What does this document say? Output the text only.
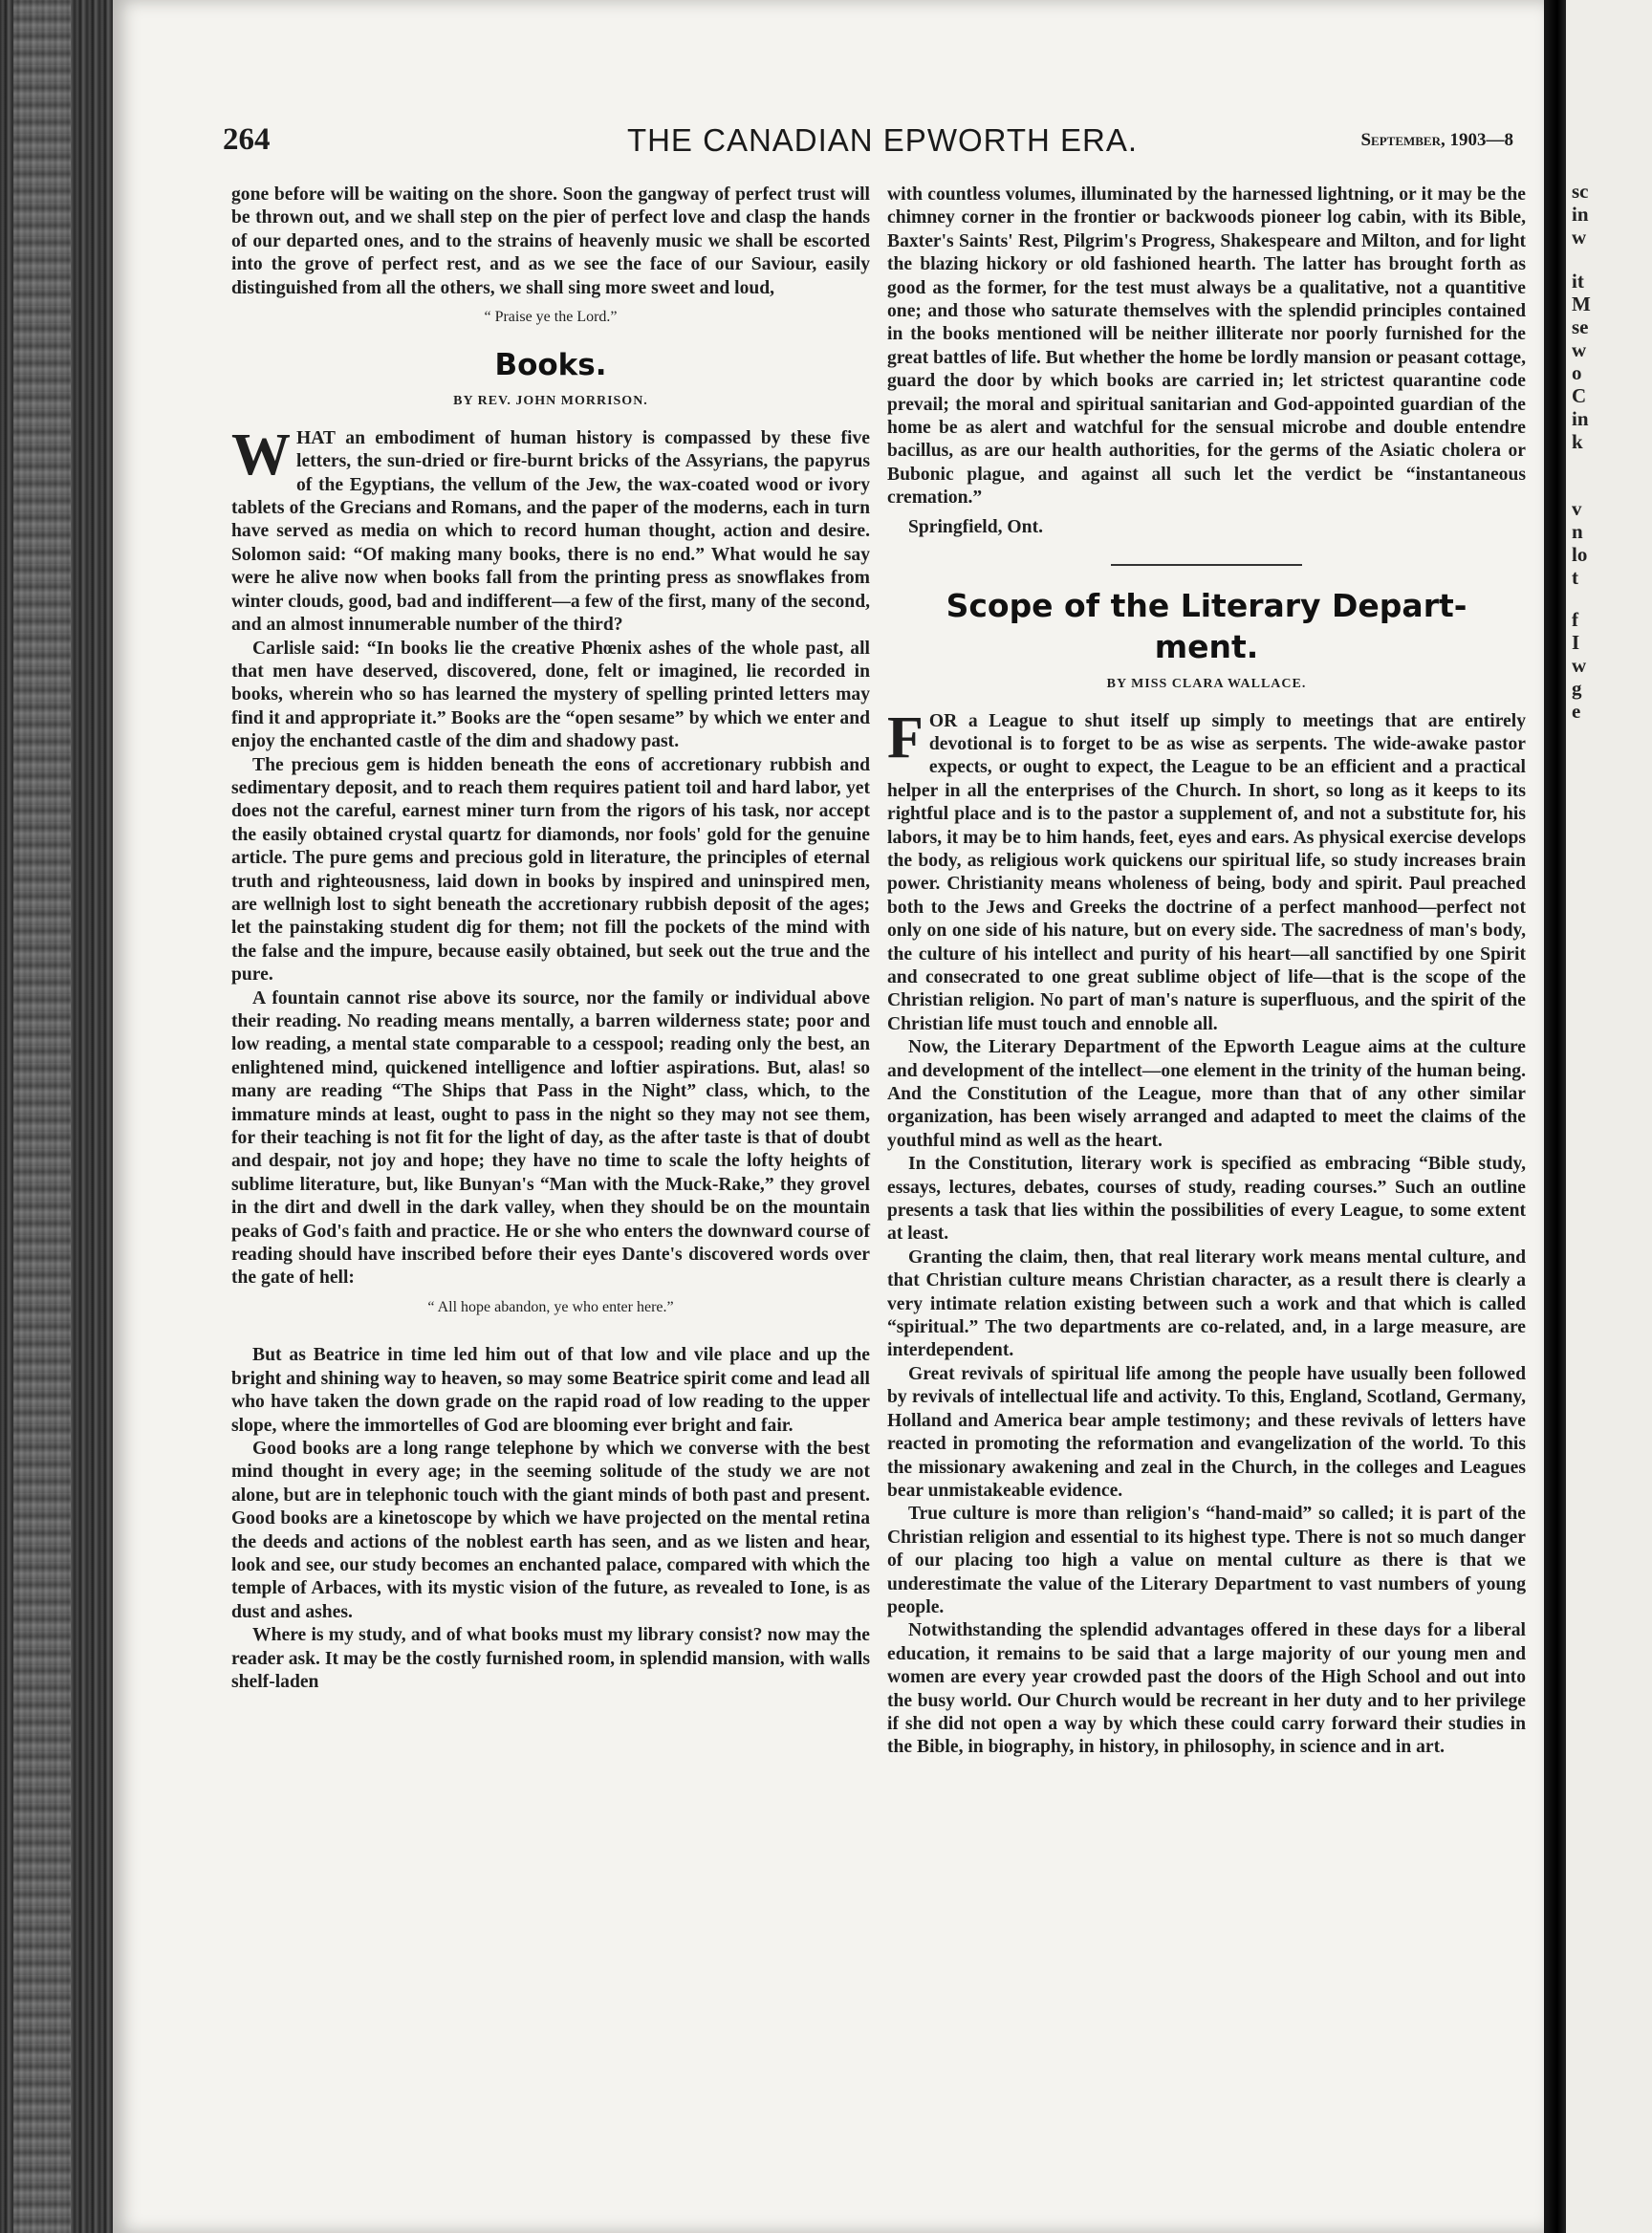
264	THE CANADIAN EPWORTH ERA.	September, 1903—8

gone before will be waiting on the shore. Soon the gangway of perfect trust will be thrown out, and we shall step on the pier of perfect love and clasp the hands of our departed ones, and to the strains of heavenly music we shall be escorted into the grove of perfect rest, and as we see the face of our Saviour, easily distinguished from all the others, we shall sing more sweet and loud,

“ Praise ye the Lord.”
Books.
BY REV. JOHN MORRISON.

WHAT an embodiment of human history is compassed by these five letters, the sun-dried or fire-burnt bricks of the Assyrians, the papyrus of the Egyptians, the vellum of the Jew, the wax-coated wood or ivory tablets of the Grecians and Romans, and the paper of the moderns, each in turn have served as media on which to record human thought, action and desire. Solomon said: “Of making many books, there is no end.” What would he say were he alive now when books fall from the printing press as snowflakes from winter clouds, good, bad and indifferent—a few of the first, many of the second, and an almost innumerable number of the third?

Carlisle said: “In books lie the creative Phœnix ashes of the whole past, all that men have deserved, discovered, done, felt or imagined, lie recorded in books, wherein who so has learned the mystery of spelling printed letters may find it and appropriate it.” Books are the “open sesame” by which we enter and enjoy the enchanted castle of the dim and shadowy past.

The precious gem is hidden beneath the eons of accretionary rubbish and sedimentary deposit, and to reach them requires patient toil and hard labor, yet does not the careful, earnest miner turn from the rigors of his task, nor accept the easily obtained crystal quartz for diamonds, nor fools' gold for the genuine article. The pure gems and precious gold in literature, the principles of eternal truth and righteousness, laid down in books by inspired and uninspired men, are wellnigh lost to sight beneath the accretionary rubbish deposit of the ages; let the painstaking student dig for them; not fill the pockets of the mind with the false and the impure, because easily obtained, but seek out the true and the pure.

A fountain cannot rise above its source, nor the family or individual above their reading. No reading means mentally, a barren wilderness state; poor and low reading, a mental state comparable to a cesspool; reading only the best, an enlightened mind, quickened intelligence and loftier aspirations. But, alas! so many are reading “The Ships that Pass in the Night” class, which, to the immature minds at least, ought to pass in the night so they may not see them, for their teaching is not fit for the light of day, as the after taste is that of doubt and despair, not joy and hope; they have no time to scale the lofty heights of sublime literature, but, like Bunyan's “Man with the Muck-Rake,” they grovel in the dirt and dwell in the dark valley, when they should be on the mountain peaks of God's faith and practice. He or she who enters the downward course of reading should have inscribed before their eyes Dante's discovered words over the gate of hell:

“ All hope abandon, ye who enter here.”

But as Beatrice in time led him out of that low and vile place and up the bright and shining way to heaven, so may some Beatrice spirit come and lead all who have taken the down grade on the rapid road of low reading to the upper slope, where the immortelles of God are blooming ever bright and fair.

Good books are a long range telephone by which we converse with the best mind thought in every age; in the seeming solitude of the study we are not alone, but are in telephonic touch with the giant minds of both past and present. Good books are a kinetoscope by which we have projected on the mental retina the deeds and actions of the noblest earth has seen, and as we listen and hear, look and see, our study becomes an enchanted palace, compared with which the temple of Arbaces, with its mystic vision of the future, as revealed to Ione, is as dust and ashes.

Where is my study, and of what books must my library consist? now may the reader ask. It may be the costly furnished room, in splendid mansion, with walls shelf-laden

with countless volumes, illuminated by the harnessed lightning, or it may be the chimney corner in the frontier or backwoods pioneer log cabin, with its Bible, Baxter's Saints' Rest, Pilgrim's Progress, Shakespeare and Milton, and for light the blazing hickory or old fashioned hearth. The latter has brought forth as good as the former, for the test must always be a qualitative, not a quantitive one; and those who saturate themselves with the splendid principles contained in the books mentioned will be neither illiterate nor poorly furnished for the great battles of life. But whether the home be lordly mansion or peasant cottage, guard the door by which books are carried in; let strictest quarantine code prevail; the moral and spiritual sanitarian and God-appointed guardian of the home be as alert and watchful for the sensual microbe and double entendre bacillus, as are our health authorities, for the germs of the Asiatic cholera or Bubonic plague, and against all such let the verdict be “instantaneous cremation.”

Springfield, Ont.

Scope of the Literary Depart-
ment.
BY MISS CLARA WALLACE.

FOR a League to shut itself up simply to meetings that are entirely devotional is to forget to be as wise as serpents. The wide-awake pastor expects, or ought to expect, the League to be an efficient and a practical helper in all the enterprises of the Church. In short, so long as it keeps to its rightful place and is to the pastor a supplement of, and not a substitute for, his labors, it may be to him hands, feet, eyes and ears. As physical exercise develops the body, as religious work quickens our spiritual life, so study increases brain power. Christianity means wholeness of being, body and spirit. Paul preached both to the Jews and Greeks the doctrine of a perfect manhood—perfect not only on one side of his nature, but on every side. The sacredness of man's body, the culture of his intellect and purity of his heart—all sanctified by one Spirit and consecrated to one great sublime object of life—that is the scope of the Christian religion. No part of man's nature is superfluous, and the spirit of the Christian life must touch and ennoble all.

Now, the Literary Department of the Epworth League aims at the culture and development of the intellect—one element in the trinity of the human being. And the Constitution of the League, more than that of any other similar organization, has been wisely arranged and adapted to meet the claims of the youthful mind as well as the heart.

In the Constitution, literary work is specified as embracing “Bible study, essays, lectures, debates, courses of study, reading courses.” Such an outline presents a task that lies within the possibilities of every League, to some extent at least.

Granting the claim, then, that real literary work means mental culture, and that Christian culture means Christian character, as a result there is clearly a very intimate relation existing between such a work and that which is called “spiritual.” The two departments are co-related, and, in a large measure, are interdependent.

Great revivals of spiritual life among the people have usually been followed by revivals of intellectual life and activity. To this, England, Scotland, Germany, Holland and America bear ample testimony; and these revivals of letters have reacted in promoting the reformation and evangelization of the world. To this the missionary awakening and zeal in the Church, in the colleges and Leagues bear unmistakeable evidence.

True culture is more than religion's “hand-maid” so called; it is part of the Christian religion and essential to its highest type. There is not so much danger of our placing too high a value on mental culture as there is that we underestimate the value of the Literary Department to vast numbers of young people.

Notwithstanding the splendid advantages offered in these days for a liberal education, it remains to be said that a large majority of our young men and women are every year crowded past the doors of the High School and out into the busy world. Our Church would be recreant in her duty and to her privilege if she did not open a way by which these could carry forward their studies in the Bible, in biography, in history, in philosophy, in science and in art.

sc
in
w
it
M
se
w
o
C
in
k
v
n
lo
t
f
I
w
g
e
